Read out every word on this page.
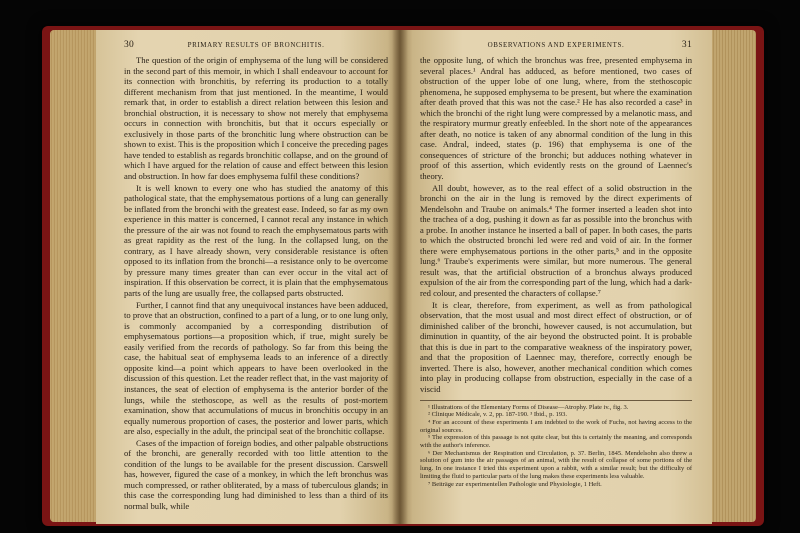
30	PRIMARY RESULTS OF BRONCHITIS.

The question of the origin of emphysema of the lung will be considered in the second part of this memoir, in which I shall endeavour to account for its connection with bronchitis, by referring its production to a totally different mechanism from that just mentioned. In the meantime, I would remark that, in order to establish a direct relation between this lesion and bronchial obstruction, it is necessary to show not merely that emphysema occurs in connection with bronchitis, but that it occurs especially or exclusively in those parts of the bronchitic lung where obstruction can be shown to exist. This is the proposition which I conceive the preceding pages have tended to establish as regards bronchitic collapse, and on the ground of which I have argued for the relation of cause and effect between this lesion and obstruction. In how far does emphysema fulfil these conditions?

It is well known to every one who has studied the anatomy of this pathological state, that the emphysematous portions of a lung can generally be inflated from the bronchi with the greatest ease. Indeed, so far as my own experience in this matter is concerned, I cannot recal any instance in which the pressure of the air was not found to reach the emphysematous parts with as great rapidity as the rest of the lung. In the collapsed lung, on the contrary, as I have already shown, very considerable resistance is often opposed to its inflation from the bronchi—a resistance only to be overcome by pressure many times greater than can ever occur in the vital act of inspiration. If this observation be correct, it is plain that the emphysematous parts of the lung are usually free, the collapsed parts obstructed.

Further, I cannot find that any unequivocal instances have been adduced, to prove that an obstruction, confined to a part of a lung, or to one lung only, is commonly accompanied by a corresponding distribution of emphysematous portions—a proposition which, if true, might surely be easily verified from the records of pathology. So far from this being the case, the habitual seat of emphysema leads to an inference of a directly opposite kind—a point which appears to have been overlooked in the discussion of this question. Let the reader reflect that, in the vast majority of instances, the seat of election of emphysema is the anterior border of the lungs, while the stethoscope, as well as the results of post-mortem examination, show that accumulations of mucus in bronchitis occupy in an equally numerous proportion of cases, the posterior and lower parts, which are also, especially in the adult, the principal seat of the bronchitic collapse.

Cases of the impaction of foreign bodies, and other palpable obstructions of the bronchi, are generally recorded with too little attention to the condition of the lungs to be available for the present discussion. Carswell has, however, figured the case of a monkey, in which the left bronchus was much compressed, or rather obliterated, by a mass of tuberculous glands; in this case the corresponding lung had diminished to less than a third of its normal bulk, while

OBSERVATIONS AND EXPERIMENTS.	31

the opposite lung, of which the bronchus was free, presented emphysema in several places.¹ Andral has adduced, as before mentioned, two cases of obstruction of the upper lobe of one lung, where, from the stethoscopic phenomena, he supposed emphysema to be present, but where the examination after death proved that this was not the case.² He has also recorded a case³ in which the bronchi of the right lung were compressed by a melanotic mass, and the respiratory murmur greatly enfeebled. In the short note of the appearances after death, no notice is taken of any abnormal condition of the lung in this case. Andral, indeed, states (p. 196) that emphysema is one of the consequences of stricture of the bronchi; but adduces nothing whatever in proof of this assertion, which evidently rests on the ground of Laennec's theory.

All doubt, however, as to the real effect of a solid obstruction in the bronchi on the air in the lung is removed by the direct experiments of Mendelsohn and Traube on animals.⁴ The former inserted a leaden shot into the trachea of a dog, pushing it down as far as possible into the bronchus with a probe. In another instance he inserted a ball of paper. In both cases, the parts to which the obstructed bronchi led were red and void of air. In the former there were emphysematous portions in the other parts,⁵ and in the opposite lung.⁶ Traube's experiments were similar, but more numerous. The general result was, that the artificial obstruction of a bronchus always produced expulsion of the air from the corresponding part of the lung, which had a dark-red colour, and presented the characters of collapse.⁷

It is clear, therefore, from experiment, as well as from pathological observation, that the most usual and most direct effect of obstruction, or of diminished caliber of the bronchi, however caused, is not accumulation, but diminution in quantity, of the air beyond the obstructed point. It is probable that this is due in part to the comparative weakness of the inspiratory power, and that the proposition of Laennec may, therefore, correctly enough be inverted. There is also, however, another mechanical condition which comes into play in producing collapse from obstruction, especially in the case of a viscid

¹ Illustrations of the Elementary Forms of Disease—Atrophy. Plate iv., fig. 3.

² Clinique Médicale, v. 2, pp. 187-190. ³ Ibid., p. 193.

⁴ For an account of these experiments I am indebted to the work of Fuchs, not having access to the original sources.

⁵ The expression of this passage is not quite clear, but this is certainly the meaning, and corresponds with the author's inference.

⁶ Der Mechanismus der Respiration und Circulation, p. 37. Berlin, 1845. Mendelsohn also threw a solution of gum into the air passages of an animal, with the result of collapse of some portions of the lung. In one instance I tried this experiment upon a rabbit, with a similar result; but the difficulty of limiting the fluid to particular parts of the lung makes these experiments less valuable.

⁷ Beiträge zur experimentellen Pathologie und Physiologie, 1 Heft.
